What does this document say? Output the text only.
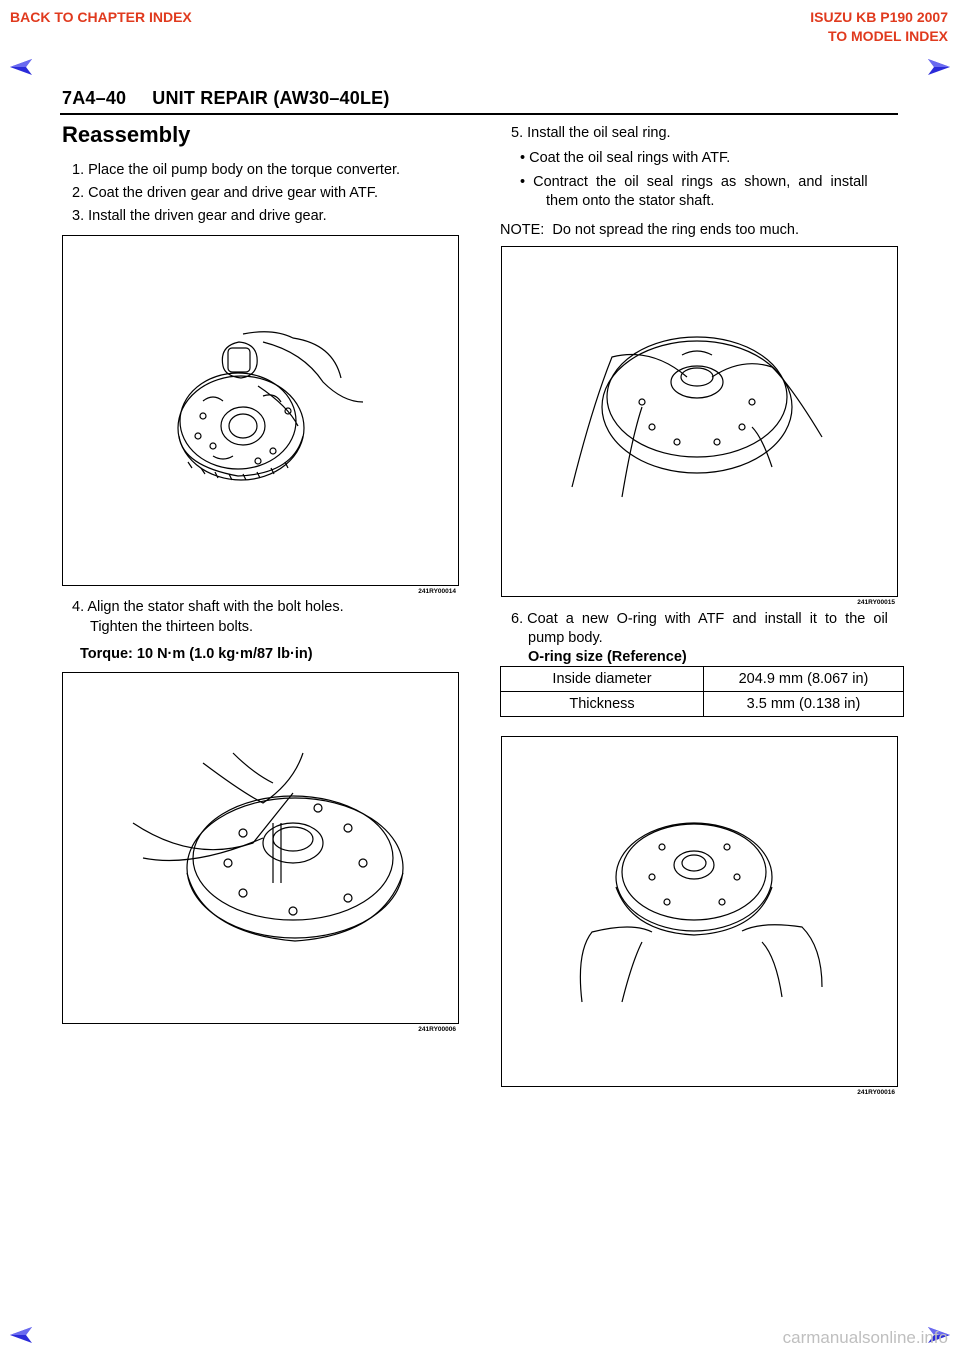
BACK TO CHAPTER INDEX	ISUZU KB P190 2007
TO MODEL INDEX
7A4–40     UNIT REPAIR (AW30–40LE)
Reassembly
1. Place the oil pump body on the torque converter.
2. Coat the driven gear and drive gear with ATF.
3. Install the driven gear and drive gear.
241RY00014
4. Align the stator shaft with the bolt holes.
Tighten the thirteen bolts.
Torque: 10 N·m (1.0 kg·m/87 lb·in)
241RY00006
5. Install the oil seal ring.
• Coat the oil seal rings with ATF.
•  Contract  the  oil  seal  rings  as  shown,  and  install
them onto the stator shaft.
NOTE:  Do not spread the ring ends too much.
241RY00015
6. Coat  a  new  O-ring  with  ATF  and  install  it  to  the  oil
pump body.
O-ring size (Reference)
Inside diameter	204.9 mm (8.067 in)
Thickness	3.5 mm (0.138 in)
241RY00016
carmanualsonline.info
